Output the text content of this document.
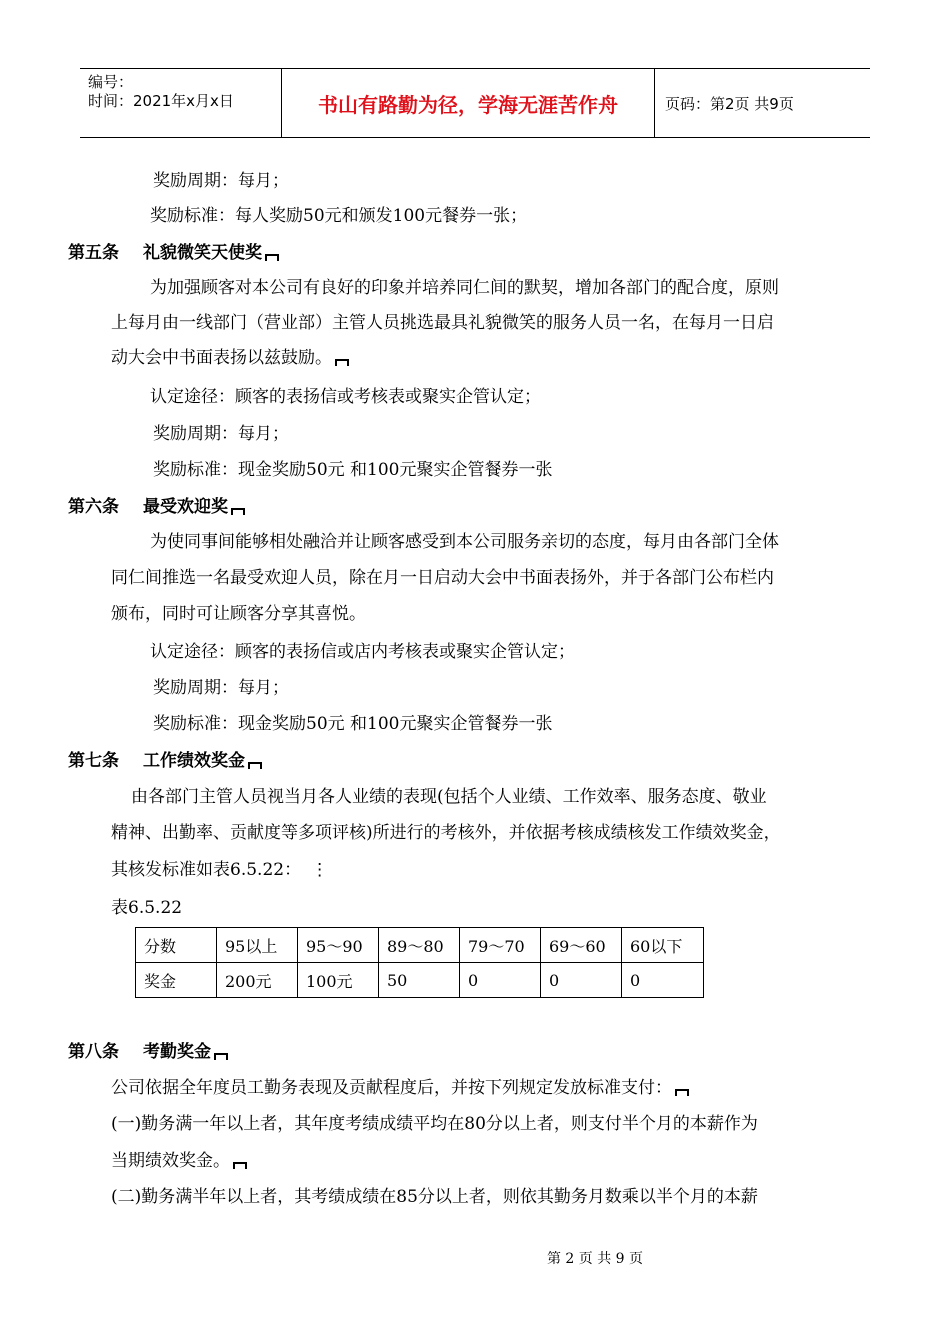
编号：
时间：2021年x月x日	书山有路勤为径，学海无涯苦作舟	页码：第2页 共9页
奖励周期：每月；
奖励标准：每人奖励50元和颁发100元餐券一张；
第五条 礼貌微笑天使奖
为加强顾客对本公司有良好的印象并培养同仁间的默契，增加各部门的配合度，原则
上每月由一线部门（营业部）主管人员挑选最具礼貌微笑的服务人员一名，在每月一日启
动大会中书面表扬以兹鼓励。
认定途径：顾客的表扬信或考核表或聚实企管认定；
奖励周期：每月；
奖励标准：现金奖励50元 和100元聚实企管餐券一张
第六条 最受欢迎奖
为使同事间能够相处融洽并让顾客感受到本公司服务亲切的态度，每月由各部门全体
同仁间推选一名最受欢迎人员，除在月一日启动大会中书面表扬外，并于各部门公布栏内
颁布，同时可让顾客分享其喜悦。
认定途径：顾客的表扬信或店内考核表或聚实企管认定；
奖励周期：每月；
奖励标准：现金奖励50元 和100元聚实企管餐券一张
第七条 工作绩效奖金
由各部门主管人员视当月各人业绩的表现(包括个人业绩、工作效率、服务态度、敬业
精神、出勤率、贡献度等多项评核)所进行的考核外，并依据考核成绩核发工作绩效奖金，
其核发标准如表6.5.22： ⋮
表6.5.22
分数	95以上	95～90	89～80	79～70	69～60	60以下
奖金	200元	100元	50	0	0	0
第八条 考勤奖金
公司依据全年度员工勤务表现及贡献程度后，并按下列规定发放标准支付：
(一)勤务满一年以上者，其年度考绩成绩平均在80分以上者，则支付半个月的本薪作为
当期绩效奖金。
(二)勤务满半年以上者，其考绩成绩在85分以上者，则依其勤务月数乘以半个月的本薪
第 2 页 共 9 页
